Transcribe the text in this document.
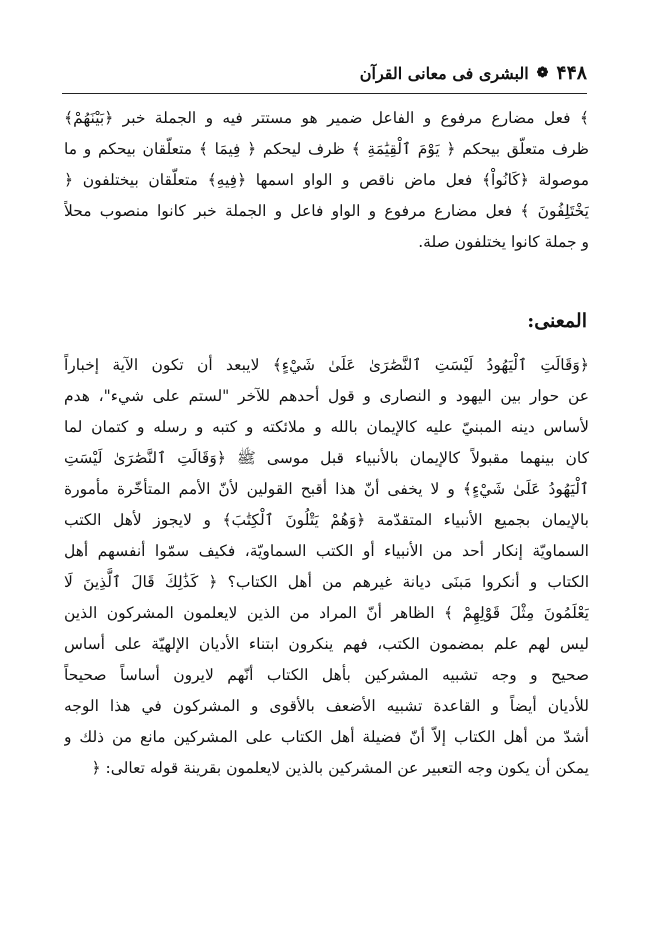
۴۴۸
❁
البشرى فى معانى القرآن
﴾ فعل مضارع مرفوع و الفاعل ضمير هو مستتر فيه و الجملة خبر ﴿بَيْنَهُمْ﴾
ظرف متعلّق بيحكم ﴿ يَوْمَ ٱلْقِيَٰمَةِ ﴾ ظرف ليحكم ﴿ فِيمَا ﴾ متعلّقان بيحكم و ما
موصولة ﴿كَانُواْ﴾ فعل ماض ناقص و الواو اسمها ﴿فِيهِ﴾ متعلّقان بيختلفون ﴿
يَخْتَلِفُونَ ﴾ فعل مضارع مرفوع و الواو فاعل و الجملة خبر كانوا منصوب محلاً
و جملة كانوا يختلفون صلة.
المعنى:
﴿وَقَالَتِ ٱلْيَهُودُ لَيْسَتِ ٱلنَّصَٰرَىٰ عَلَىٰ شَيْءٍ﴾ لايبعد أن تكون الآية إخباراً
عن حوار بين اليهود و النصارى و قول أحدهم للآخر "لستم على شيء"، هدم
لأساس دينه المبنيّ عليه كالإيمان بالله و ملائكته و كتبه و رسله و كتمان لما
كان بينهما مقبولاً كالإيمان بالأنبياء قبل موسى ﷺ ﴿وَقَالَتِ ٱلنَّصَٰرَىٰ لَيْسَتِ
ٱلْيَهُودُ عَلَىٰ شَيْءٍ﴾ و لا يخفى أنّ هذا أقبح القولين لأنّ الأمم المتأخّرة مأمورة
بالإيمان بجميع الأنبياء المتقدّمة ﴿وَهُمْ يَتْلُونَ ٱلْكِتَٰبَ﴾ و لايجوز لأهل الكتب
السماويّة إنكار أحد من الأنبياء أو الكتب السماويّة، فكيف سمّوا أنفسهم أهل
الكتاب و أنكروا مَبنَى ديانة غيرهم من أهل الكتاب؟ ﴿ كَذَٰلِكَ قَالَ ٱلَّذِينَ لَا
يَعْلَمُونَ مِثْلَ قَوْلِهِمْ ﴾ الظاهر أنّ المراد من الذين لايعلمون المشركون الذين
ليس لهم علم بمضمون الكتب، فهم ينكرون ابتناء الأديان الإلهيّة على أساس
صحيح و وجه تشبيه المشركين بأهل الكتاب أنّهم لايرون أساساً صحيحاً
للأديان أيضاً و القاعدة تشبيه الأضعف بالأقوى و المشركون في هذا الوجه
أشدّ من أهل الكتاب إلاّ أنّ فضيلة أهل الكتاب على المشركين مانع من ذلك و
يمكن أن يكون وجه التعبير عن المشركين بالذين لايعلمون بقرينة قوله تعالى: ﴿
